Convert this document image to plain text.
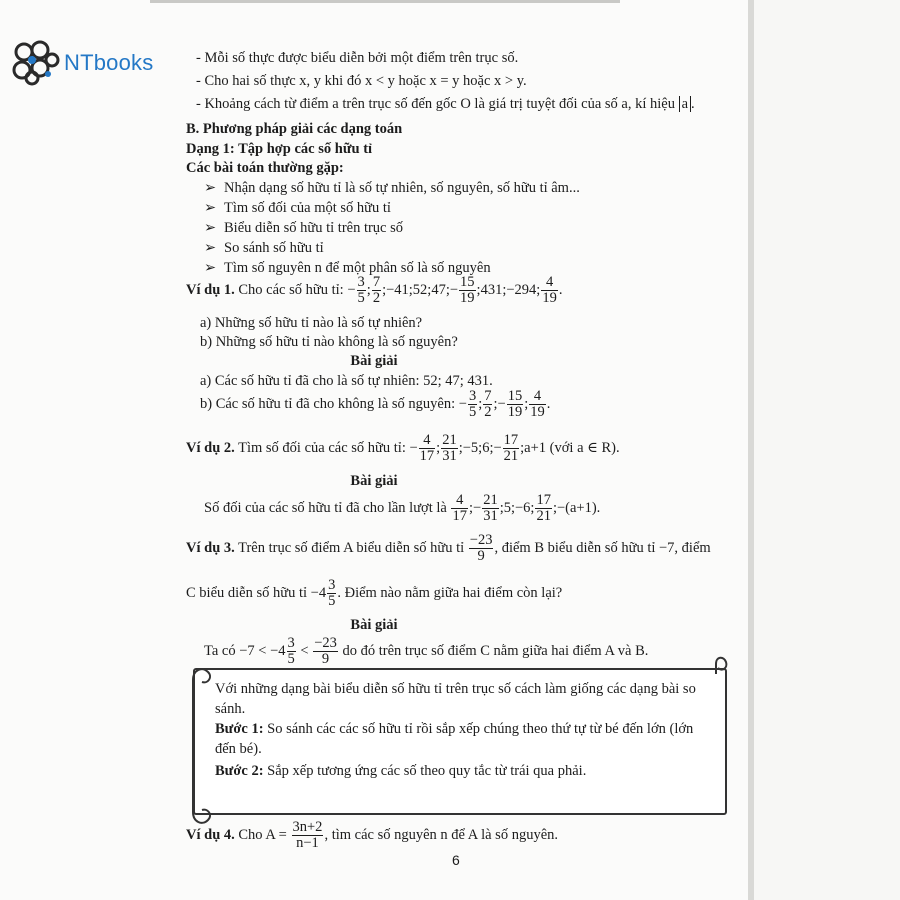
NTbooks	- Mỗi số thực được biểu diễn bởi một điểm trên trục số.
- Cho hai số thực x, y khi đó x < y hoặc x = y hoặc x > y.
- Khoảng cách từ điểm a trên trục số đến gốc O là giá trị tuyệt đối của số a, kí hiệu a .
B. Phương pháp giải các dạng toán
Dạng 1: Tập hợp các số hữu tỉ
Các bài toán thường gặp:
➢ Nhận dạng số hữu tỉ là số tự nhiên, số nguyên, số hữu tỉ âm...
➢ Tìm số đối của một số hữu tỉ
➢ Biểu diễn số hữu tỉ trên trục số
➢ So sánh số hữu tỉ
➢ Tìm số nguyên n để một phân số là số nguyên
Ví dụ 1. Cho các số hữu tỉ: − $\frac{3}{5}$ ; $\frac{7}{2}$ ;−41;52;47;− $\frac{15}{19}$ ;431;−294; $\frac{4}{19}$ .
a) Những số hữu tỉ nào là số tự nhiên?
b) Những số hữu tỉ nào không là số nguyên?
Bài giải
a) Các số hữu tỉ đã cho là số tự nhiên: 52; 47; 431.
b) Các số hữu tỉ đã cho không là số nguyên: − $\frac{3}{5}$ ; $\frac{7}{2}$ ;− $\frac{15}{19}$ ; $\frac{4}{19}$ .
Ví dụ 2. Tìm số đối của các số hữu tỉ: − $\frac{4}{17}$ ; $\frac{21}{31}$ ;−5;6;− $\frac{17}{21}$ ;a+1 (với a ∈ R).
Bài giải
Số đối của các số hữu tỉ đã cho lần lượt là $\frac{4}{17}$ ;− $\frac{21}{31}$ ;5;−6; $\frac{17}{21}$ ;−(a+1).
Ví dụ 3. Trên trục số điểm A biểu diễn số hữu tỉ $\frac{-23}{9}$ , điểm B biểu diễn số hữu tỉ −7, điểm
C biểu diễn số hữu tỉ $-4 \frac{3}{5}$ . Điểm nào nằm giữa hai điểm còn lại?
Bài giải
Ta có $-7 < -4 \frac{3}{5} < \frac{-23}{9}$ do đó trên trục số điểm C nằm giữa hai điểm A và B.
Với những dạng bài biểu diễn số hữu tỉ trên trục số cách làm giống các dạng bài so
sánh.
Bước 1: So sánh các các số hữu tỉ rồi sắp xếp chúng theo thứ tự từ bé đến lớn (lớn
đến bé).
Bước 2: Sắp xếp tương ứng các số theo quy tắc từ trái qua phải.
Ví dụ 4. Cho $A = \frac{3n+2}{n-1}$ , tìm các số nguyên n để A là số nguyên.
6
